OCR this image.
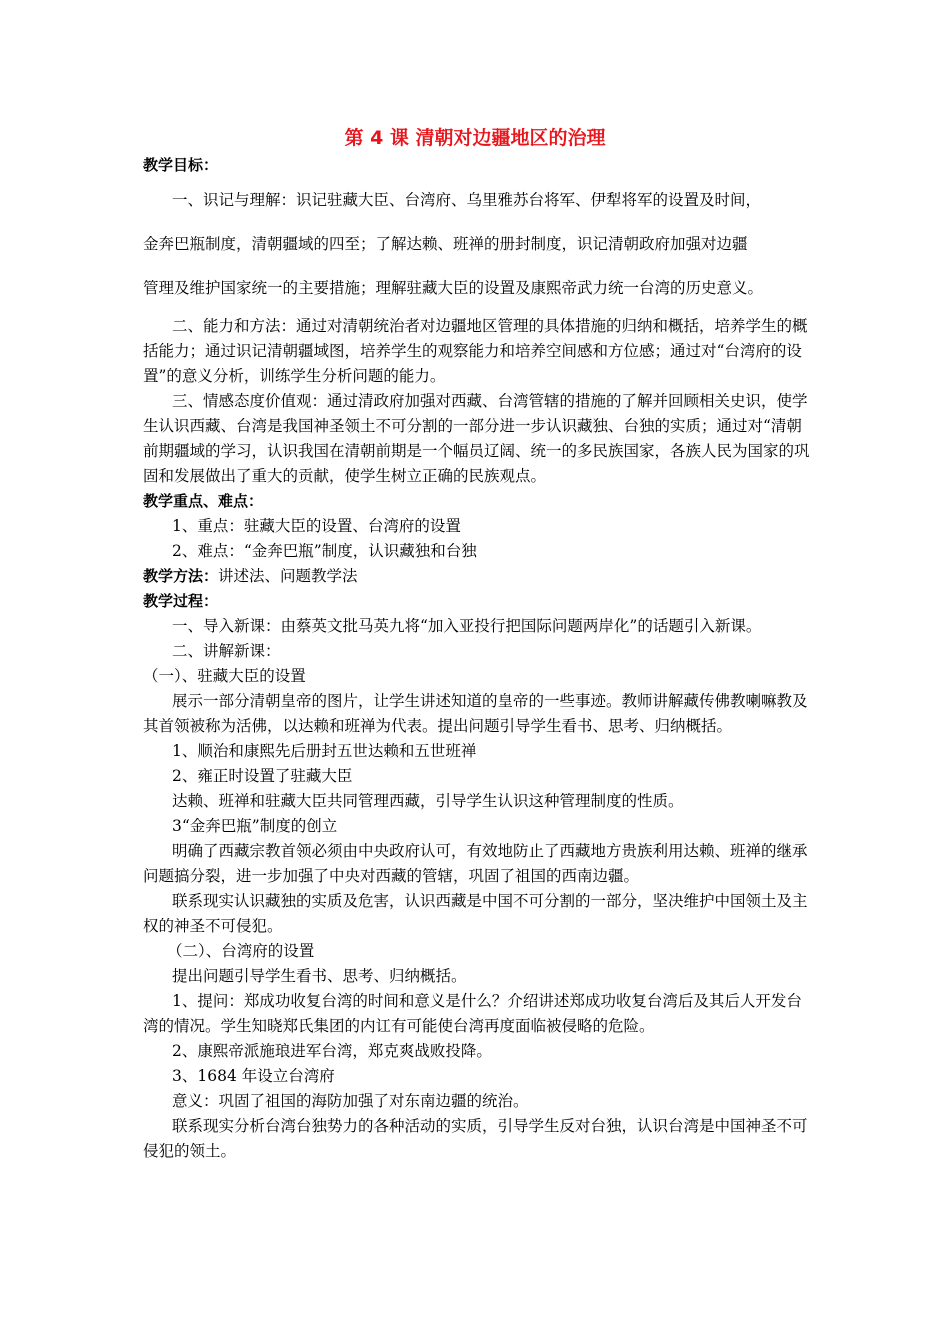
第 4 课 清朝对边疆地区的治理

教学目标：

一、识记与理解：识记驻藏大臣、台湾府、乌里雅苏台将军、伊犁将军的设置及时间，

金奔巴瓶制度，清朝疆域的四至；了解达赖、班禅的册封制度，识记清朝政府加强对边疆

管理及维护国家统一的主要措施；理解驻藏大臣的设置及康熙帝武力统一台湾的历史意义。

二、能力和方法：通过对清朝统治者对边疆地区管理的具体措施的归纳和概括，培养学生的概括能力；通过识记清朝疆域图，培养学生的观察能力和培养空间感和方位感；通过对“台湾府的设置”的意义分析，训练学生分析问题的能力。

三、情感态度价值观：通过清政府加强对西藏、台湾管辖的措施的了解并回顾相关史识，使学生认识西藏、台湾是我国神圣领土不可分割的一部分进一步认识藏独、台独的实质；通过对“清朝前期疆域的学习，认识我国在清朝前期是一个幅员辽阔、统一的多民族国家，各族人民为国家的巩固和发展做出了重大的贡献，使学生树立正确的民族观点。

教学重点、难点：

1、重点：驻藏大臣的设置、台湾府的设置

2、难点：“金奔巴瓶”制度，认识藏独和台独

教学方法：讲述法、问题教学法

教学过程：

一、导入新课：由蔡英文批马英九将“加入亚投行把国际问题两岸化”的话题引入新课。

二、讲解新课：

（一）、驻藏大臣的设置

展示一部分清朝皇帝的图片，让学生讲述知道的皇帝的一些事迹。教师讲解藏传佛教喇嘛教及其首领被称为活佛，以达赖和班禅为代表。提出问题引导学生看书、思考、归纳概括。

1、顺治和康熙先后册封五世达赖和五世班禅

2、雍正时设置了驻藏大臣

达赖、班禅和驻藏大臣共同管理西藏，引导学生认识这种管理制度的性质。

3“金奔巴瓶”制度的创立

明确了西藏宗教首领必须由中央政府认可，有效地防止了西藏地方贵族利用达赖、班禅的继承问题搞分裂，进一步加强了中央对西藏的管辖，巩固了祖国的西南边疆。

联系现实认识藏独的实质及危害，认识西藏是中国不可分割的一部分，坚决维护中国领土及主权的神圣不可侵犯。

（二）、台湾府的设置

提出问题引导学生看书、思考、归纳概括。

1、提问：郑成功收复台湾的时间和意义是什么？介绍讲述郑成功收复台湾后及其后人开发台湾的情况。学生知晓郑氏集团的内讧有可能使台湾再度面临被侵略的危险。

2、康熙帝派施琅进军台湾，郑克爽战败投降。

3、1684 年设立台湾府

意义：巩固了祖国的海防加强了对东南边疆的统治。

联系现实分析台湾台独势力的各种活动的实质，引导学生反对台独，认识台湾是中国神圣不可侵犯的领土。
